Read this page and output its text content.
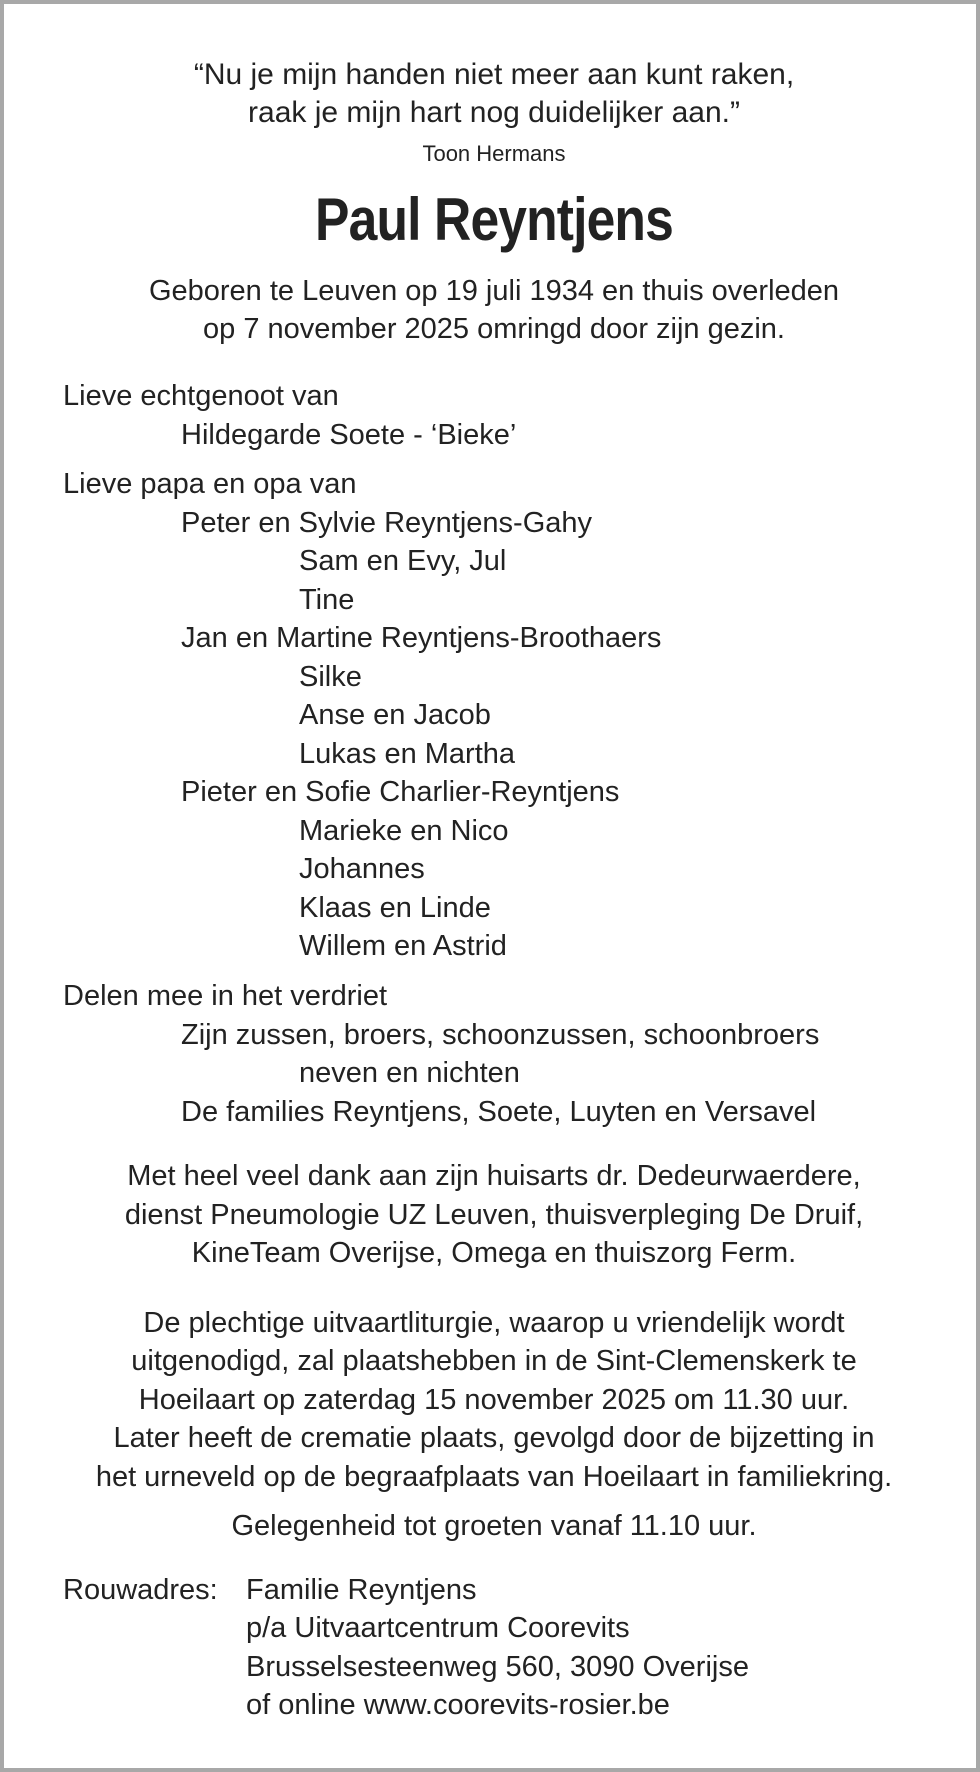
“Nu je mijn handen niet meer aan kunt raken,
raak je mijn hart nog duidelijker aan.”
Toon Hermans
Paul Reyntjens
Geboren te Leuven op 19 juli 1934 en thuis overleden
op 7 november 2025 omringd door zijn gezin.
Lieve echtgenoot van
Hildegarde Soete - ‘Bieke’
Lieve papa en opa van
Peter en Sylvie Reyntjens-Gahy
Sam en Evy, Jul
Tine
Jan en Martine Reyntjens-Broothaers
Silke
Anse en Jacob
Lukas en Martha
Pieter en Sofie Charlier-Reyntjens
Marieke en Nico
Johannes
Klaas en Linde
Willem en Astrid
Delen mee in het verdriet
Zijn zussen, broers, schoonzussen, schoonbroers
neven en nichten
De families Reyntjens, Soete, Luyten en Versavel
Met heel veel dank aan zijn huisarts dr. Dedeurwaerdere,
dienst Pneumologie UZ Leuven, thuisverpleging De Druif,
KineTeam Overijse, Omega en thuiszorg Ferm.
De plechtige uitvaartliturgie, waarop u vriendelijk wordt
uitgenodigd, zal plaatshebben in de Sint-Clemenskerk te
Hoeilaart op zaterdag 15 november 2025 om 11.30 uur.
Later heeft de crematie plaats, gevolgd door de bijzetting in
het urneveld op de begraafplaats van Hoeilaart in familiekring.
Gelegenheid tot groeten vanaf 11.10 uur.
Rouwadres: Familie Reyntjens
p/a Uitvaartcentrum Coorevits
Brusselsesteenweg 560, 3090 Overijse
of online www.coorevits-rosier.be
